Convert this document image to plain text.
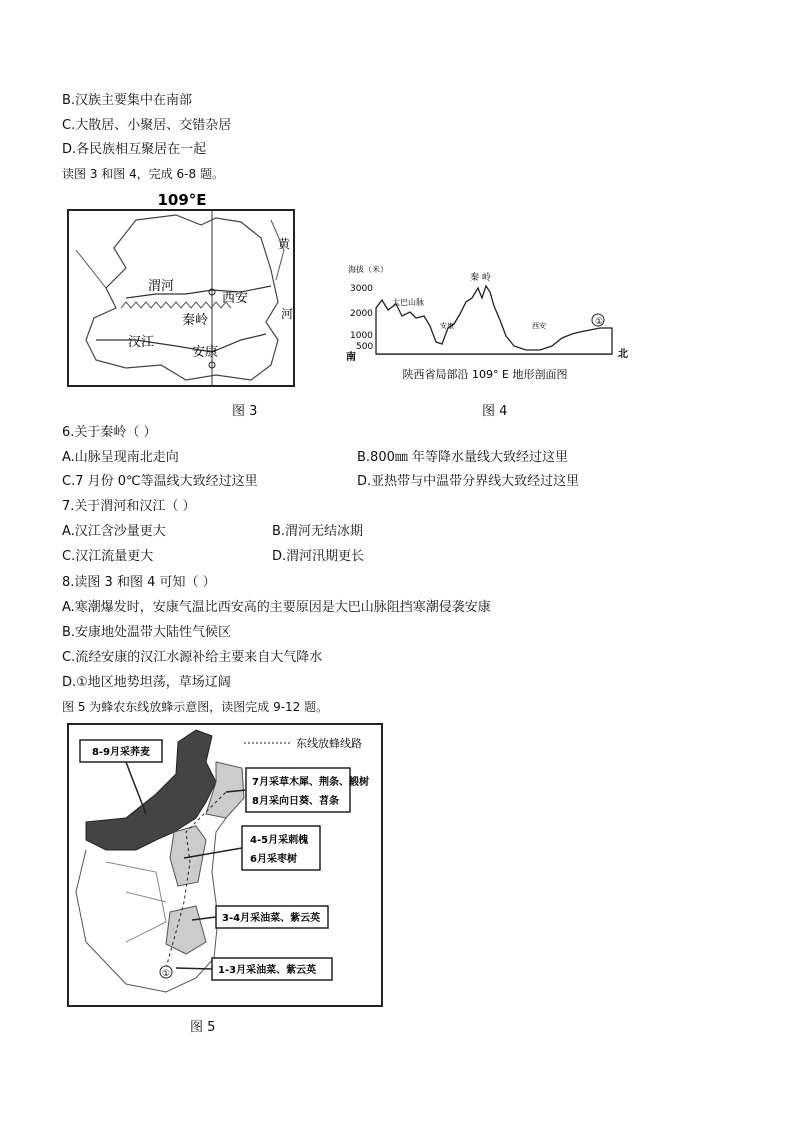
B.汉族主要集中在南部
C.大散居、小聚居、交错杂居
D.各民族相互聚居在一起
读图 3 和图 4，完成 6-8 题。
109°E
黄
河
渭河
西安
秦岭
汉江
安康
图 3
海拔（米）
3000
2000
1000
500
南	北
大巴山脉
秦 岭
安康	西安	①
陕西省局部沿 109° E 地形剖面图
图 4
6.关于秦岭（ ）
A.山脉呈现南北走向	B.800㎜ 年等降水量线大致经过这里
C.7 月份 0℃等温线大致经过这里	D.亚热带与中温带分界线大致经过这里
7.关于渭河和汉江（ ）
A.汉江含沙量更大	B.渭河无结冰期
C.汉江流量更大	D.渭河汛期更长
8.读图 3 和图 4 可知（ ）
A.寒潮爆发时，安康气温比西安高的主要原因是大巴山脉阻挡寒潮侵袭安康
B.安康地处温带大陆性气候区
C.流经安康的汉江水源补给主要来自大气降水
D.①地区地势坦荡，草场辽阔
图 5 为蜂农东线放蜂示意图，读图完成 9-12 题。
东线放蜂线路
8-9月采荞麦
7月采草木犀、荆条、椴树
8月采向日葵、苕条
4-5月采刺槐
6月采枣树
3-4月采油菜、紫云英
1-3月采油菜、紫云英
①
图 5
